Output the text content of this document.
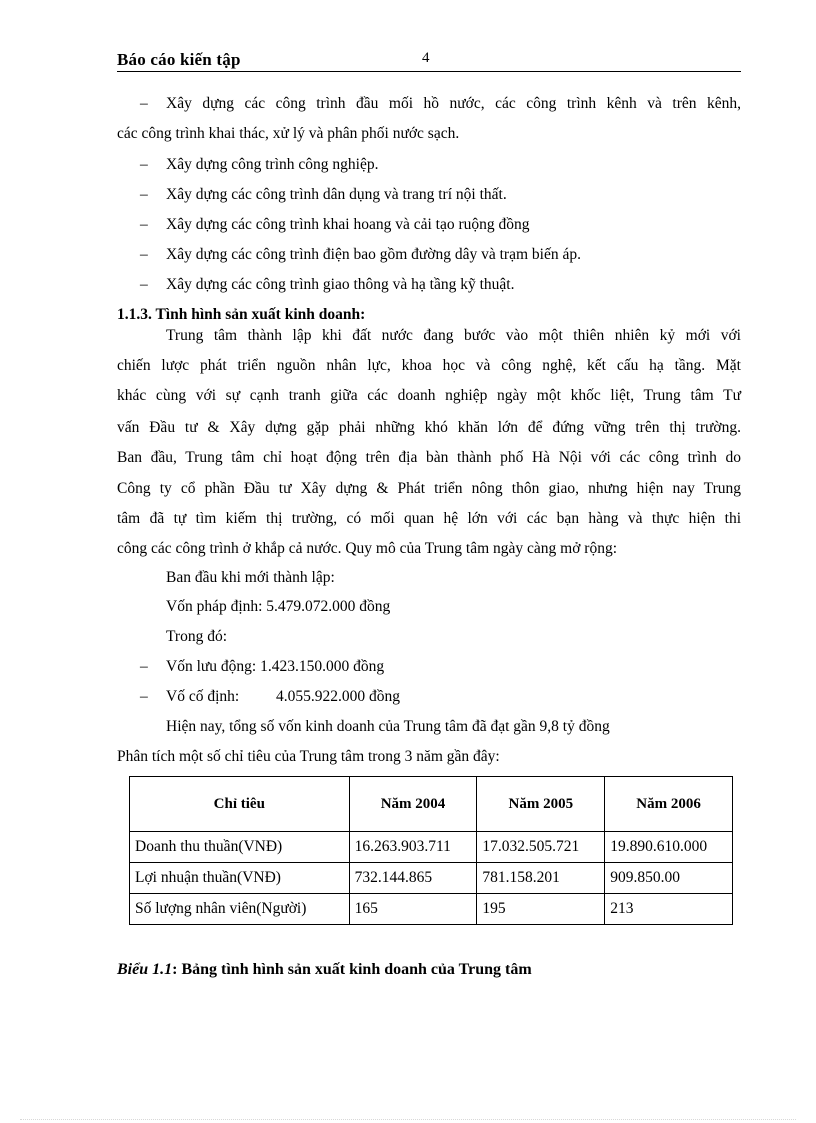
Báo cáo kiến tập	4
– Xây dựng các công trình đầu mối hồ nước, các công trình kênh và trên kênh,
các công trình khai thác, xử lý và phân phối nước sạch.
– Xây dựng công trình công nghiệp.
– Xây dựng các công trình dân dụng và trang trí nội thất.
– Xây dựng các công trình khai hoang và cải tạo ruộng đồng
– Xây dựng các công trình điện bao gồm đường dây và trạm biến áp.
– Xây dựng các công trình giao thông và hạ tầng kỹ thuật.
1.1.3. Tình hình sản xuất kinh doanh:
Trung tâm thành lập khi đất nước đang bước vào một thiên nhiên kỷ mới với
chiến lược phát triển nguồn nhân lực, khoa học và công nghệ, kết cấu hạ tầng. Mặt
khác cùng với sự cạnh tranh giữa các doanh nghiệp ngày một khốc liệt, Trung tâm Tư
vấn Đầu tư & Xây dựng gặp phải những khó khăn lớn để đứng vững trên thị trường.
Ban đầu, Trung tâm chỉ hoạt động trên địa bàn thành phố Hà Nội với các công trình do
Công ty cổ phần Đầu tư Xây dựng & Phát triển nông thôn giao, nhưng hiện nay Trung
tâm đã tự tìm kiếm thị trường, có mối quan hệ lớn với các bạn hàng và thực hiện thi
công các công trình ở khắp cả nước. Quy mô của Trung tâm ngày càng mở rộng:
Ban đầu khi mới thành lập:
Vốn pháp định: 5.479.072.000 đồng
Trong đó:
– Vốn lưu động: 1.423.150.000 đồng
– Vố cố định: 4.055.922.000 đồng
Hiện nay, tổng số vốn kinh doanh của Trung tâm đã đạt gần 9,8 tỷ đồng
Phân tích một số chỉ tiêu của Trung tâm trong 3 năm gần đây:
Chỉ tiêu	Năm 2004	Năm 2005	Năm 2006
Doanh thu thuần(VNĐ)	16.263.903.711	17.032.505.721	19.890.610.000
Lợi nhuận thuần(VNĐ)	732.144.865	781.158.201	909.850.00
Số lượng nhân viên(Người)	165	195	213
Biểu 1.1: Bảng tình hình sản xuất kinh doanh của Trung tâm
